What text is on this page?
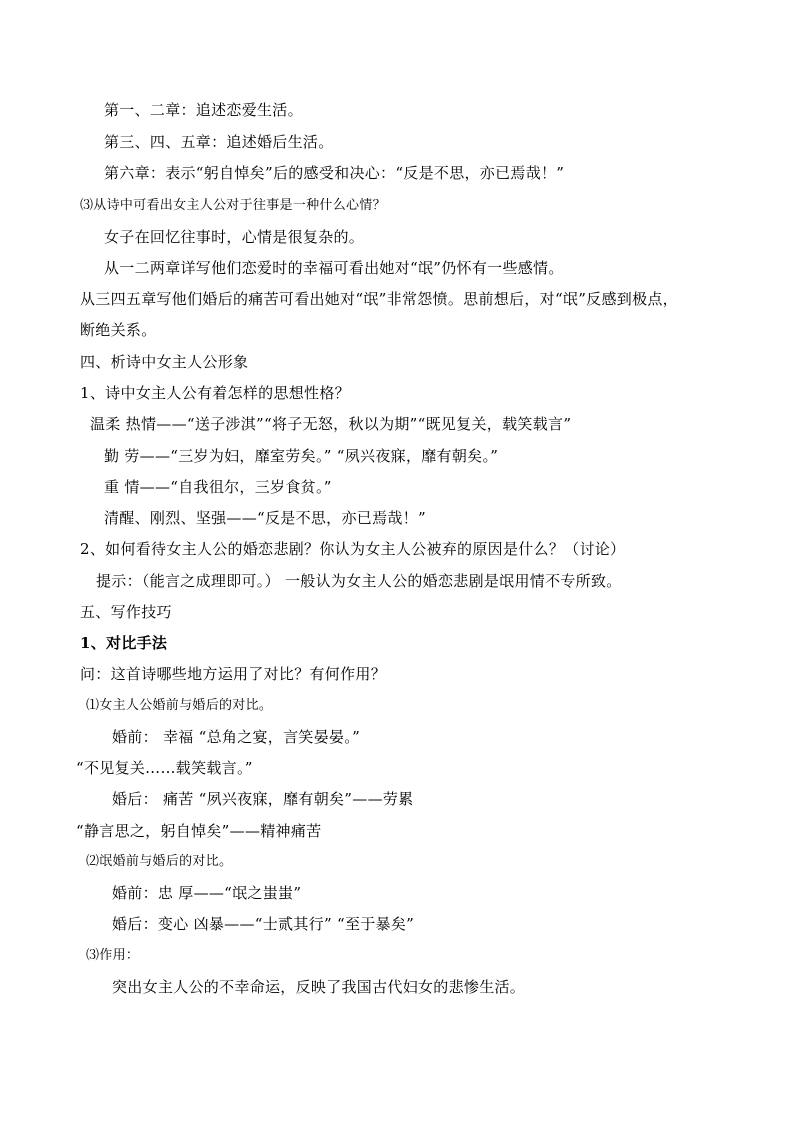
第一、二章：追述恋爱生活。
第三、四、五章：追述婚后生活。
第六章：表示“躬自悼矣”后的感受和决心：“反是不思，亦已焉哉！”
⑶从诗中可看出女主人公对于往事是一种什么心情？
女子在回忆往事时，心情是很复杂的。
从一二两章详写他们恋爱时的幸福可看出她对“氓”仍怀有一些感情。
从三四五章写他们婚后的痛苦可看出她对“氓”非常怨愤。思前想后，对“氓”反感到极点，
断绝关系。
四、析诗中女主人公形象
1、诗中女主人公有着怎样的思想性格？
温柔 热情——“送子涉淇”“将子无怒，秋以为期”“既见复关，载笑载言”
勤 劳——“三岁为妇，靡室劳矣。” “夙兴夜寐，靡有朝矣。”
重 情——“自我徂尔，三岁食贫。”
清醒、刚烈、坚强——“反是不思，亦已焉哉！”
2、如何看待女主人公的婚恋悲剧？你认为女主人公被弃的原因是什么？（讨论）
提示：（能言之成理即可。） 一般认为女主人公的婚恋悲剧是氓用情不专所致。
五、写作技巧
1、对比手法
问：这首诗哪些地方运用了对比？有何作用？
⑴女主人公婚前与婚后的对比。
婚前： 幸福 “总角之宴，言笑晏晏。”
“不见复关……载笑载言。”
婚后： 痛苦 “夙兴夜寐，靡有朝矣”——劳累
“静言思之，躬自悼矣”——精神痛苦
⑵氓婚前与婚后的对比。
婚前：忠 厚——“氓之蚩蚩”
婚后：变心 凶暴——“士贰其行” “至于暴矣”
⑶作用：
突出女主人公的不幸命运，反映了我国古代妇女的悲惨生活。
